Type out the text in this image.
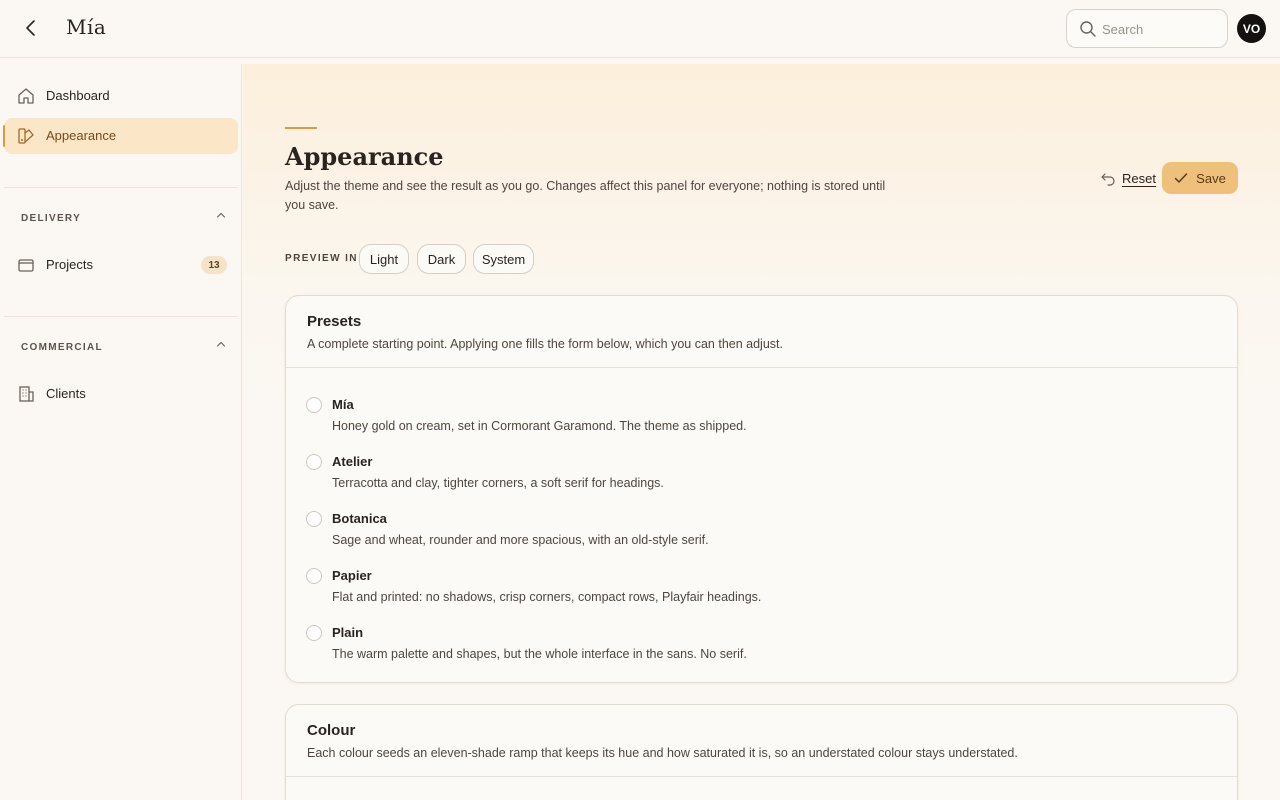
Mía
Search	VO
Dashboard
Appearance
DELIVERY
Projects	13
COMMERCIAL
Clients
Appearance

Adjust the theme and see the result as you go. Changes affect this panel for everyone; nothing is stored until you save.

Reset	Save
PREVIEW IN Light	Dark	System
Presets
A complete starting point. Applying one fills the form below, which you can then adjust.
Mía
Honey gold on cream, set in Cormorant Garamond. The theme as shipped.
Atelier
Terracotta and clay, tighter corners, a soft serif for headings.
Botanica
Sage and wheat, rounder and more spacious, with an old-style serif.
Papier
Flat and printed: no shadows, crisp corners, compact rows, Playfair headings.
Plain
The warm palette and shapes, but the whole interface in the sans. No serif.
Colour
Each colour seeds an eleven-shade ramp that keeps its hue and how saturated it is, so an understated colour stays understated.
